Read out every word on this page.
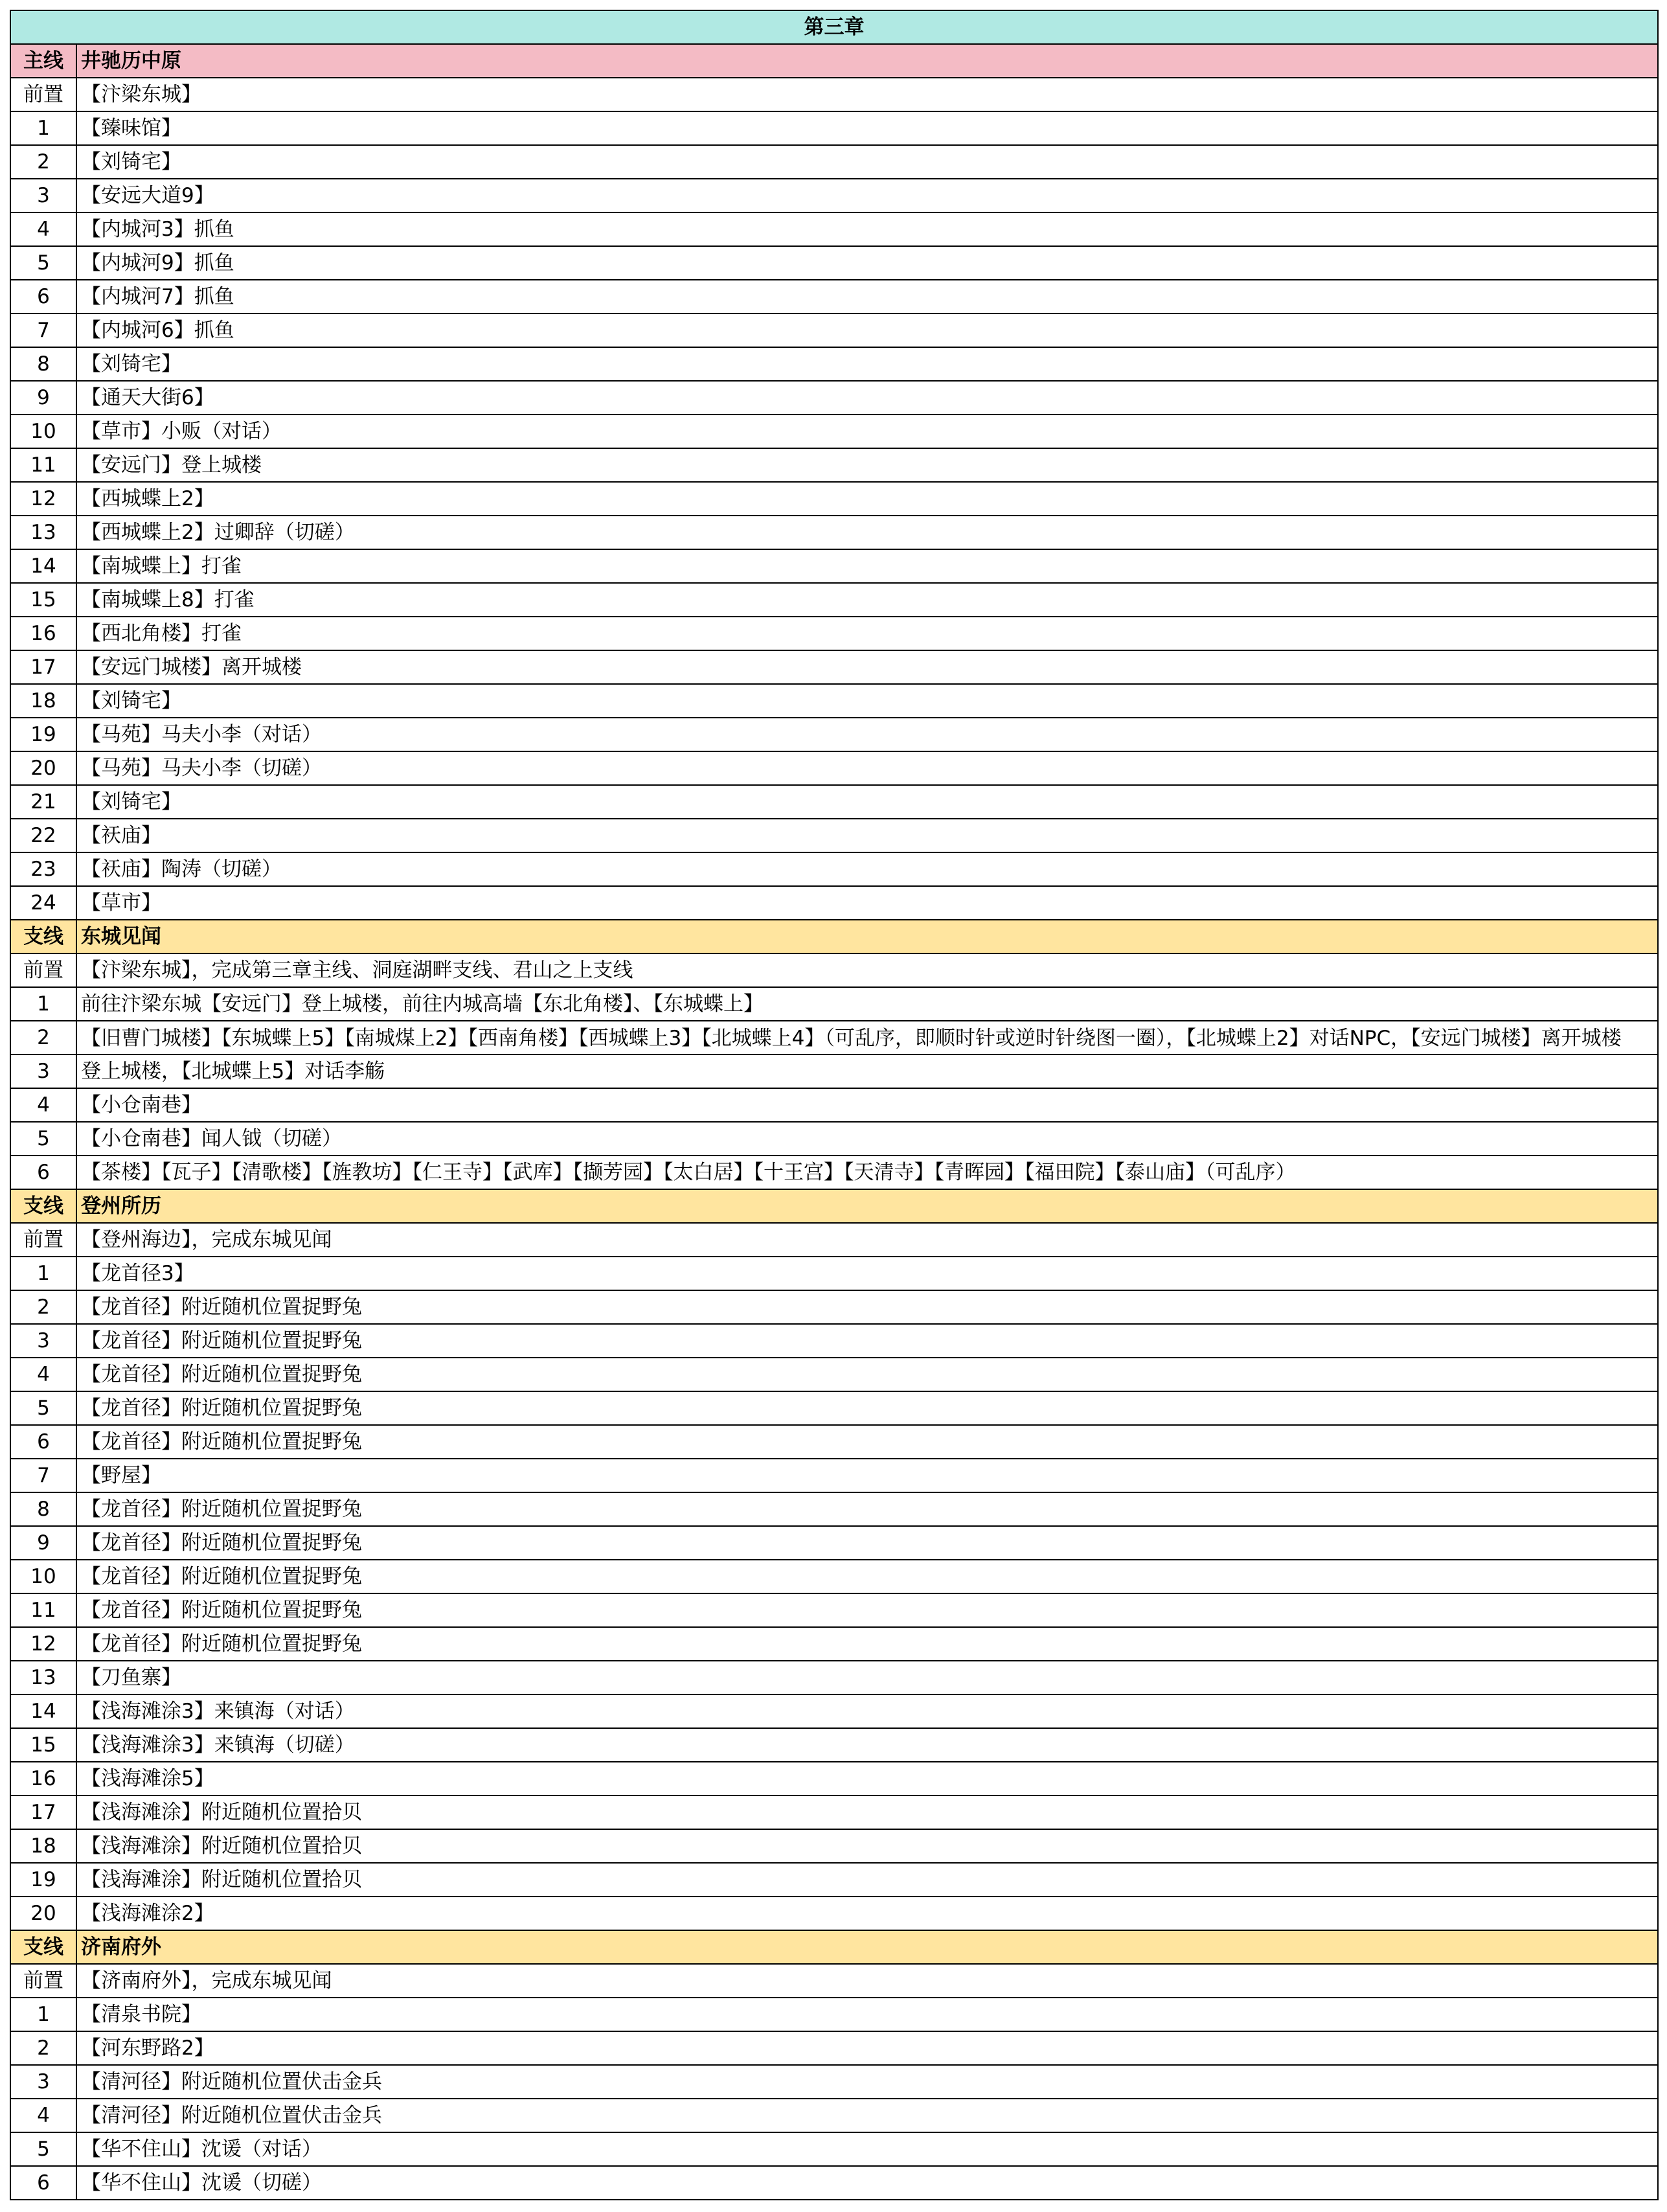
第三章
主线 井驰历中原
前置 【汴梁东城】
1	【臻味馆】
2	【刘锜宅】
3	【安远大道9】
4	【内城河3】抓鱼
5	【内城河9】抓鱼
6	【内城河7】抓鱼
7	【内城河6】抓鱼
8	【刘锜宅】
9	【通天大街6】
10	【草市】小贩（对话）
11	【安远门】登上城楼
12	【西城蝶上2】
13	【西城蝶上2】过卿辞（切磋）
14	【南城蝶上】打雀
15	【南城蝶上8】打雀
16	【西北角楼】打雀
17	【安远门城楼】离开城楼
18	【刘锜宅】
19	【马苑】马夫小李（对话）
20	【马苑】马夫小李（切磋）
21	【刘锜宅】
22	【祆庙】
23	【祆庙】陶涛（切磋）
24	【草市】
支线 东城见闻
前置 【汴梁东城】，完成第三章主线、洞庭湖畔支线、君山之上支线
1	前往汴梁东城【安远门】登上城楼，前往内城高墙【东北角楼】、【东城蝶上】
2	【旧曹门城楼】【东城蝶上5】【南城煤上2】【西南角楼】【西城蝶上3】【北城蝶上4】（可乱序，即顺时针或逆时针绕图一圈），【北城蝶上2】对话NPC，【安远门城楼】离开城楼
3	登上城楼，【北城蝶上5】对话李觞
4	【小仓南巷】
5	【小仓南巷】闻人钺（切磋）
6	【茶楼】【瓦子】【清歌楼】【旌教坊】【仁王寺】【武库】【撷芳园】【太白居】【十王宫】【天清寺】【青晖园】【福田院】【泰山庙】（可乱序）
支线 登州所历
前置 【登州海边】，完成东城见闻
1	【龙首径3】
2	【龙首径】附近随机位置捉野兔
3	【龙首径】附近随机位置捉野兔
4	【龙首径】附近随机位置捉野兔
5	【龙首径】附近随机位置捉野兔
6	【龙首径】附近随机位置捉野兔
7	【野屋】
8	【龙首径】附近随机位置捉野兔
9	【龙首径】附近随机位置捉野兔
10	【龙首径】附近随机位置捉野兔
11	【龙首径】附近随机位置捉野兔
12	【龙首径】附近随机位置捉野兔
13	【刀鱼寨】
14	【浅海滩涂3】来镇海（对话）
15	【浅海滩涂3】来镇海（切磋）
16	【浅海滩涂5】
17	【浅海滩涂】附近随机位置拾贝
18	【浅海滩涂】附近随机位置拾贝
19	【浅海滩涂】附近随机位置拾贝
20	【浅海滩涂2】
支线 济南府外
前置 【济南府外】，完成东城见闻
1	【清泉书院】
2	【河东野路2】
3	【清河径】附近随机位置伏击金兵
4	【清河径】附近随机位置伏击金兵
5	【华不住山】沈谖（对话）
6	【华不住山】沈谖（切磋）
